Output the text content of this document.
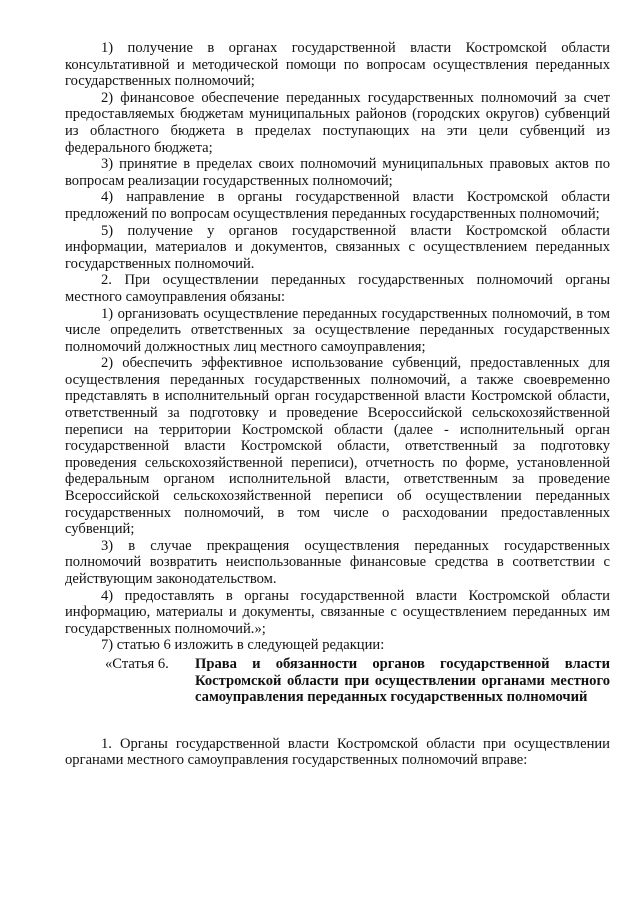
1) получение в органах государственной власти Костромской области консультативной и методической помощи по вопросам осуществления переданных государственных полномочий;

2) финансовое обеспечение переданных государственных полномочий за счет предоставляемых бюджетам муниципальных районов (городских округов) субвенций из областного бюджета в пределах поступающих на эти цели субвенций из федерального бюджета;

3) принятие в пределах своих полномочий муниципальных правовых актов по вопросам реализации государственных полномочий;

4) направление в органы государственной власти Костромской области предложений по вопросам осуществления переданных государственных полномочий;

5) получение у органов государственной власти Костромской области информации, материалов и документов, связанных с осуществлением переданных государственных полномочий.

2. При осуществлении переданных государственных полномочий органы местного самоуправления обязаны:

1) организовать осуществление переданных государственных полномочий, в том числе определить ответственных за осуществление переданных государственных полномочий должностных лиц местного самоуправления;

2) обеспечить эффективное использование субвенций, предоставленных для осуществления переданных государственных полномочий, а также своевременно представлять в исполнительный орган государственной власти Костромской области, ответственный за подготовку и проведение Всероссийской сельскохозяйственной переписи на территории Костромской области (далее - исполнительный орган государственной власти Костромской области, ответственный за подготовку проведения сельскохозяйственной переписи), отчетность по форме, установленной федеральным органом исполнительной власти, ответственным за проведение Всероссийской сельскохозяйственной переписи об осуществлении переданных государственных полномочий, в том числе о расходовании предоставленных субвенций;

3) в случае прекращения осуществления переданных государственных полномочий возвратить неиспользованные финансовые средства в соответствии с действующим законодательством.

4) предоставлять в органы государственной власти Костромской области информацию, материалы и документы, связанные с осуществлением переданных им государственных полномочий.»;

7) статью 6 изложить в следующей редакции:

«Статья 6.	Права и обязанности органов государственной власти Костромской области при осуществлении органами местного самоуправления переданных государственных полномочий

1. Органы государственной власти Костромской области при осуществлении органами местного самоуправления государственных полномочий вправе:
